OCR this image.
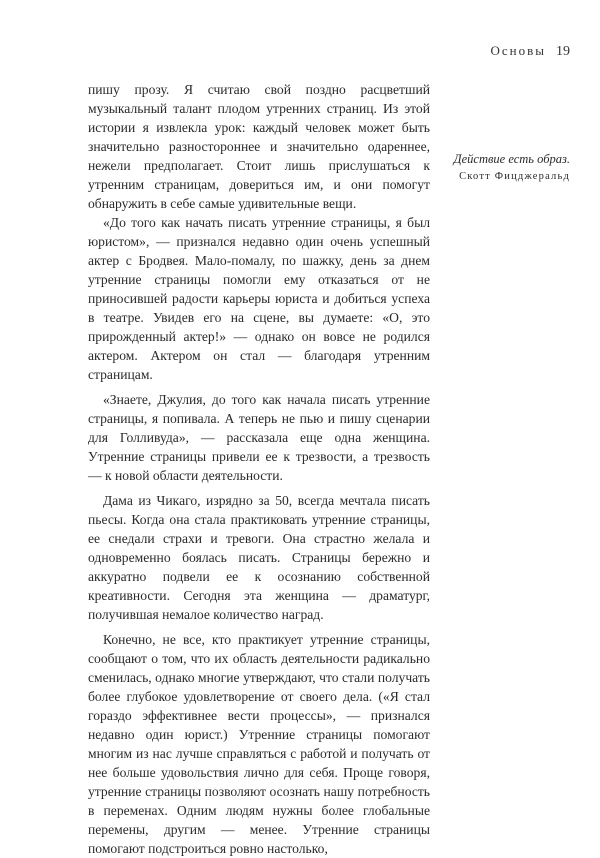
Основы 19

пишу прозу. Я считаю свой поздно расцветший музыкальный талант плодом утренних страниц. Из этой истории я извлекла урок: каждый человек может быть значительно разностороннее и значительно одареннее, нежели предполагает. Стоит лишь прислушаться к утренним страницам, довериться им, и они помогут обнаружить в себе самые удивительные вещи.

«До того как начать писать утренние страницы, я был юристом», — признался недавно один очень успешный актер с Бродвея. Мало-помалу, по шажку, день за днем утренние страницы помогли ему отказаться от не приносившей радости карьеры юриста и добиться успеха в театре. Увидев его на сцене, вы думаете: «О, это прирожденный актер!» — однако он вовсе не родился актером. Актером он стал — благодаря утренним страницам.

«Знаете, Джулия, до того как начала писать утренние страницы, я попивала. А теперь не пью и пишу сценарии для Голливуда», — рассказала еще одна женщина. Утренние страницы привели ее к трезвости, а трезвость — к новой области деятельности.

Дама из Чикаго, изрядно за 50, всегда мечтала писать пьесы. Когда она стала практиковать утренние страницы, ее снедали страхи и тревоги. Она страстно желала и одновременно боялась писать. Страницы бережно и аккуратно подвели ее к осознанию собственной креативности. Сегодня эта женщина — драматург, получившая немалое количество наград.

Конечно, не все, кто практикует утренние страницы, сообщают о том, что их область деятельности радикально сменилась, однако многие утверждают, что стали получать более глубокое удовлетворение от своего дела. («Я стал гораздо эффективнее вести процессы», — признался недавно один юрист.) Утренние страницы помогают многим из нас лучше справляться с работой и получать от нее больше удовольствия лично для себя. Проще говоря, утренние страницы позволяют осознать нашу потребность в переменах. Одним людям нужны более глобальные перемены, другим — менее. Утренние страницы помогают подстроиться ровно настолько,

Действие есть образ.
Скотт Фицджеральд
